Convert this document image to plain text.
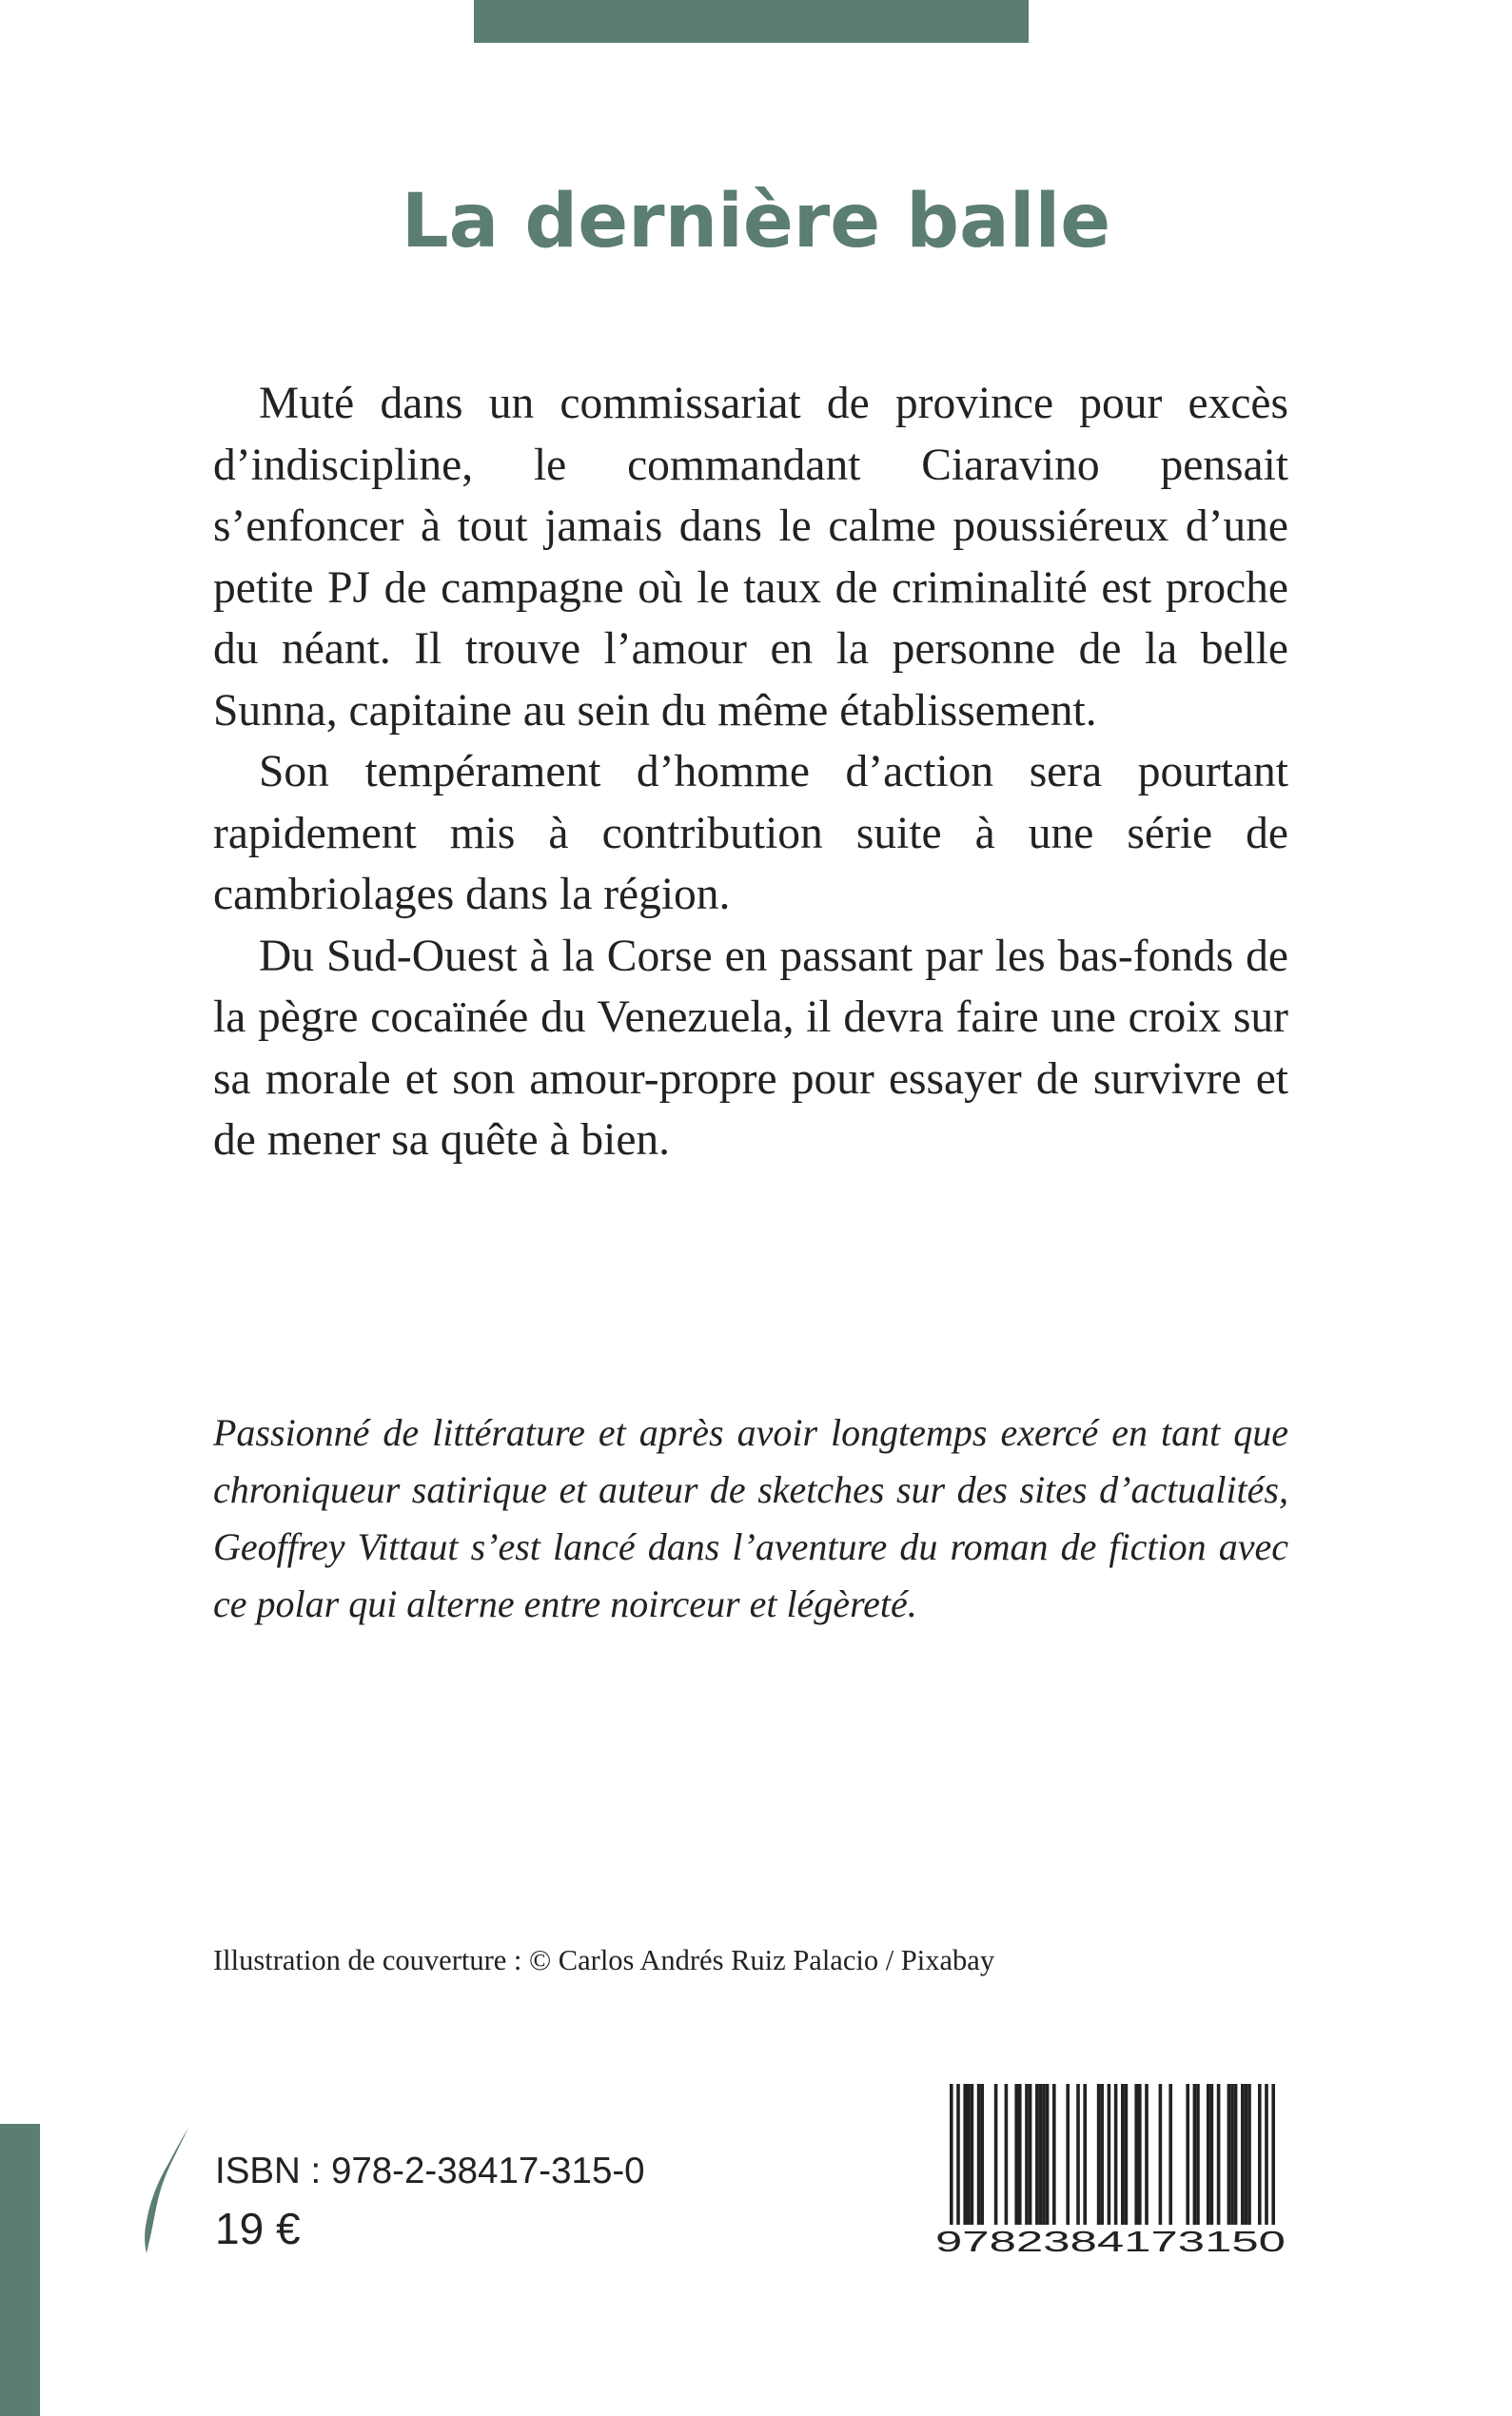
La dernière balle

Muté dans un commissariat de province pour excès d’indiscipline, le commandant Ciaravino pensait s’enfoncer à tout jamais dans le calme poussiéreux d’une petite PJ de campagne où le taux de criminalité est proche du néant. Il trouve l’amour en la personne de la belle Sunna, capitaine au sein du même établissement.

Son tempérament d’homme d’action sera pourtant rapidement mis à contribution suite à une série de cambriolages dans la région.

Du Sud-Ouest à la Corse en passant par les bas-fonds de la pègre cocaïnée du Venezuela, il devra faire une croix sur sa morale et son amour-propre pour essayer de survivre et de mener sa quête à bien.

Passionné de littérature et après avoir longtemps exercé en tant que chroniqueur satirique et auteur de sketches sur des sites d’actualités, Geoffrey Vittaut s’est lancé dans l’aventure du roman de fiction avec ce polar qui alterne entre noirceur et légèreté.

Illustration de couverture : © Carlos Andrés Ruiz Palacio / Pixabay

ISBN : 978-2-38417-315-0

19 €	9782384173150
